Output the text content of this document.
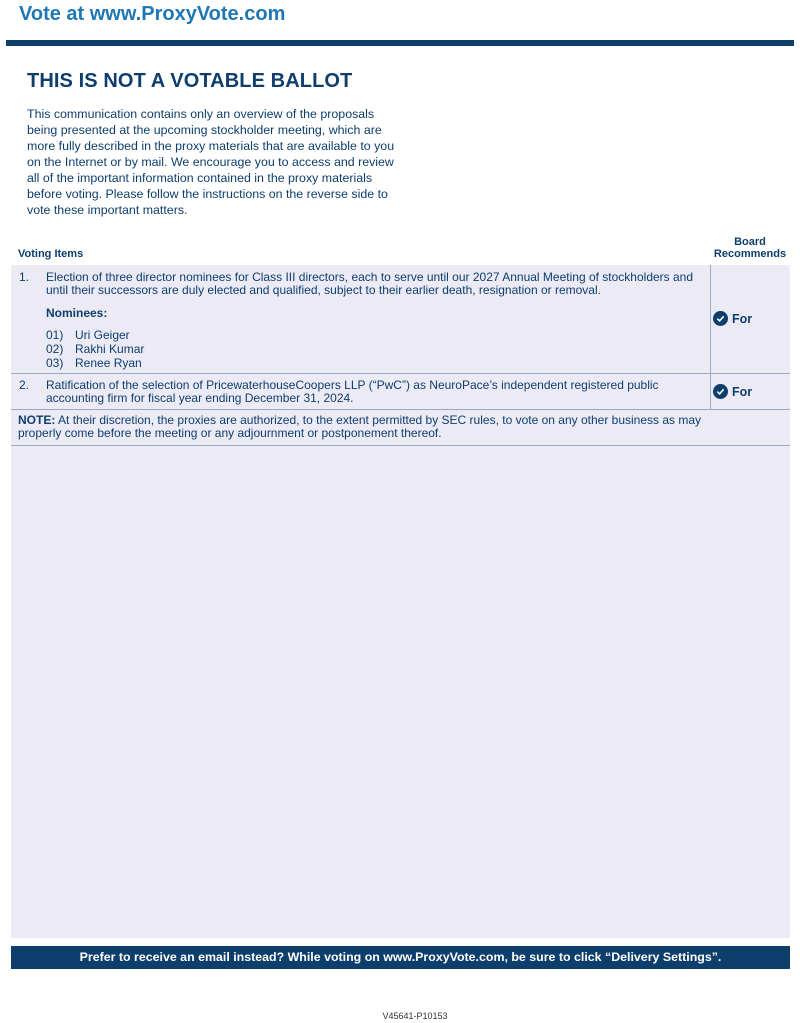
Vote at www.ProxyVote.com
THIS IS NOT A VOTABLE BALLOT
This communication contains only an overview of the proposals being presented at the upcoming stockholder meeting, which are more fully described in the proxy materials that are available to you on the Internet or by mail. We encourage you to access and review all of the important information contained in the proxy materials before voting. Please follow the instructions on the reverse side to vote these important matters.
Voting Items
Board
Recommends
1. Election of three director nominees for Class III directors, each to serve until our 2027 Annual Meeting of stockholders and until their successors are duly elected and qualified, subject to their earlier death, resignation or removal.
Nominees:
01) Uri Geiger
02) Rakhi Kumar
03) Renee Ryan
For
2. Ratification of the selection of PricewaterhouseCoopers LLP (“PwC”) as NeuroPace’s independent registered public accounting firm for fiscal year ending December 31, 2024.	For
NOTE: At their discretion, the proxies are authorized, to the extent permitted by SEC rules, to vote on any other business as may properly come before the meeting or any adjournment or postponement thereof.
Prefer to receive an email instead? While voting on www.ProxyVote.com, be sure to click “Delivery Settings”.
V45641-P10153
